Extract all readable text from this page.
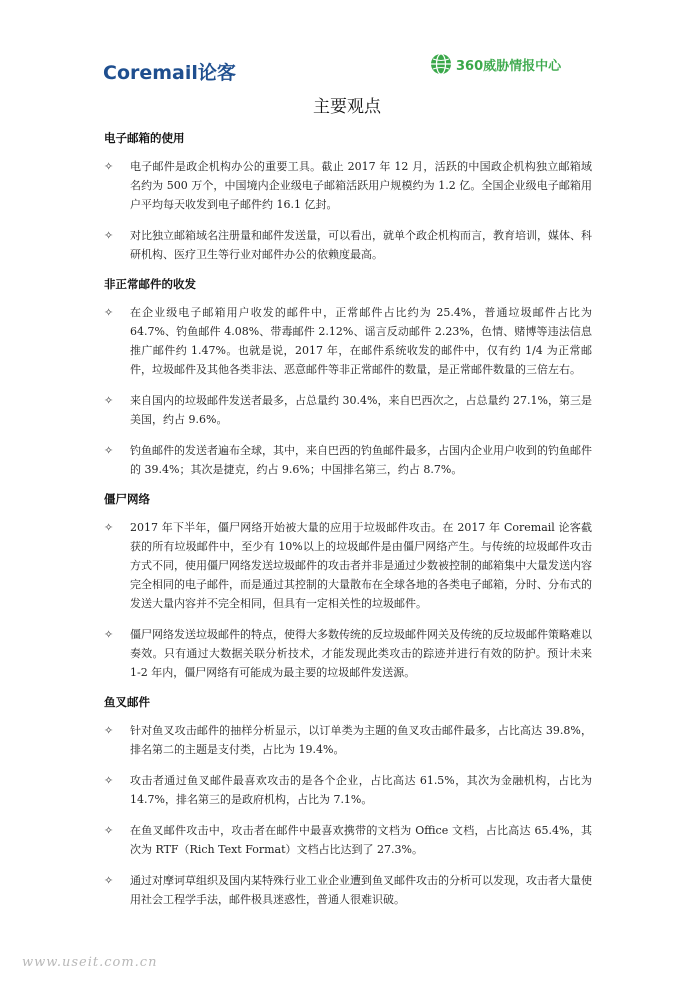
Coremail论客	360威胁情报中心
主要观点
电子邮箱的使用
✧ 电子邮件是政企机构办公的重要工具。截止 2017 年 12 月，活跃的中国政企机构独立邮箱域名约为 500 万个，中国境内企业级电子邮箱活跃用户规模约为 1.2 亿。全国企业级电子邮箱用户平均每天收发到电子邮件约 16.1 亿封。
✧ 对比独立邮箱域名注册量和邮件发送量，可以看出，就单个政企机构而言，教育培训，媒体、科研机构、医疗卫生等行业对邮件办公的依赖度最高。
非正常邮件的收发
✧ 在企业级电子邮箱用户收发的邮件中，正常邮件占比约为 25.4%，普通垃圾邮件占比为 64.7%、钓鱼邮件 4.08%、带毒邮件 2.12%、谣言反动邮件 2.23%，色情、赌博等违法信息推广邮件约 1.47%。也就是说，2017 年，在邮件系统收发的邮件中，仅有约 1/4 为正常邮件，垃圾邮件及其他各类非法、恶意邮件等非正常邮件的数量，是正常邮件数量的三倍左右。
✧ 来自国内的垃圾邮件发送者最多，占总量约 30.4%，来自巴西次之，占总量约 27.1%，第三是美国，约占 9.6%。
✧ 钓鱼邮件的发送者遍布全球，其中，来自巴西的钓鱼邮件最多，占国内企业用户收到的钓鱼邮件的 39.4%；其次是捷克，约占 9.6%；中国排名第三，约占 8.7%。
僵尸网络
✧ 2017 年下半年，僵尸网络开始被大量的应用于垃圾邮件攻击。在 2017 年 Coremail 论客截获的所有垃圾邮件中，至少有 10%以上的垃圾邮件是由僵尸网络产生。与传统的垃圾邮件攻击方式不同，使用僵尸网络发送垃圾邮件的攻击者并非是通过少数被控制的邮箱集中大量发送内容完全相同的电子邮件，而是通过其控制的大量散布在全球各地的各类电子邮箱，分时、分布式的发送大量内容并不完全相同，但具有一定相关性的垃圾邮件。
✧ 僵尸网络发送垃圾邮件的特点，使得大多数传统的反垃圾邮件网关及传统的反垃圾邮件策略难以奏效。只有通过大数据关联分析技术，才能发现此类攻击的踪迹并进行有效的防护。预计未来 1-2 年内，僵尸网络有可能成为最主要的垃圾邮件发送源。
鱼叉邮件
✧ 针对鱼叉攻击邮件的抽样分析显示，以订单类为主题的鱼叉攻击邮件最多，占比高达 39.8%，排名第二的主题是支付类，占比为 19.4%。
✧ 攻击者通过鱼叉邮件最喜欢攻击的是各个企业，占比高达 61.5%，其次为金融机构，占比为 14.7%，排名第三的是政府机构，占比为 7.1%。
✧ 在鱼叉邮件攻击中，攻击者在邮件中最喜欢携带的文档为 Office 文档，占比高达 65.4%，其次为 RTF（Rich Text Format）文档占比达到了 27.3%。
✧ 通过对摩诃草组织及国内某特殊行业工业企业遭到鱼叉邮件攻击的分析可以发现，攻击者大量使用社会工程学手法，邮件极具迷惑性，普通人很难识破。
www.useit.com.cn
